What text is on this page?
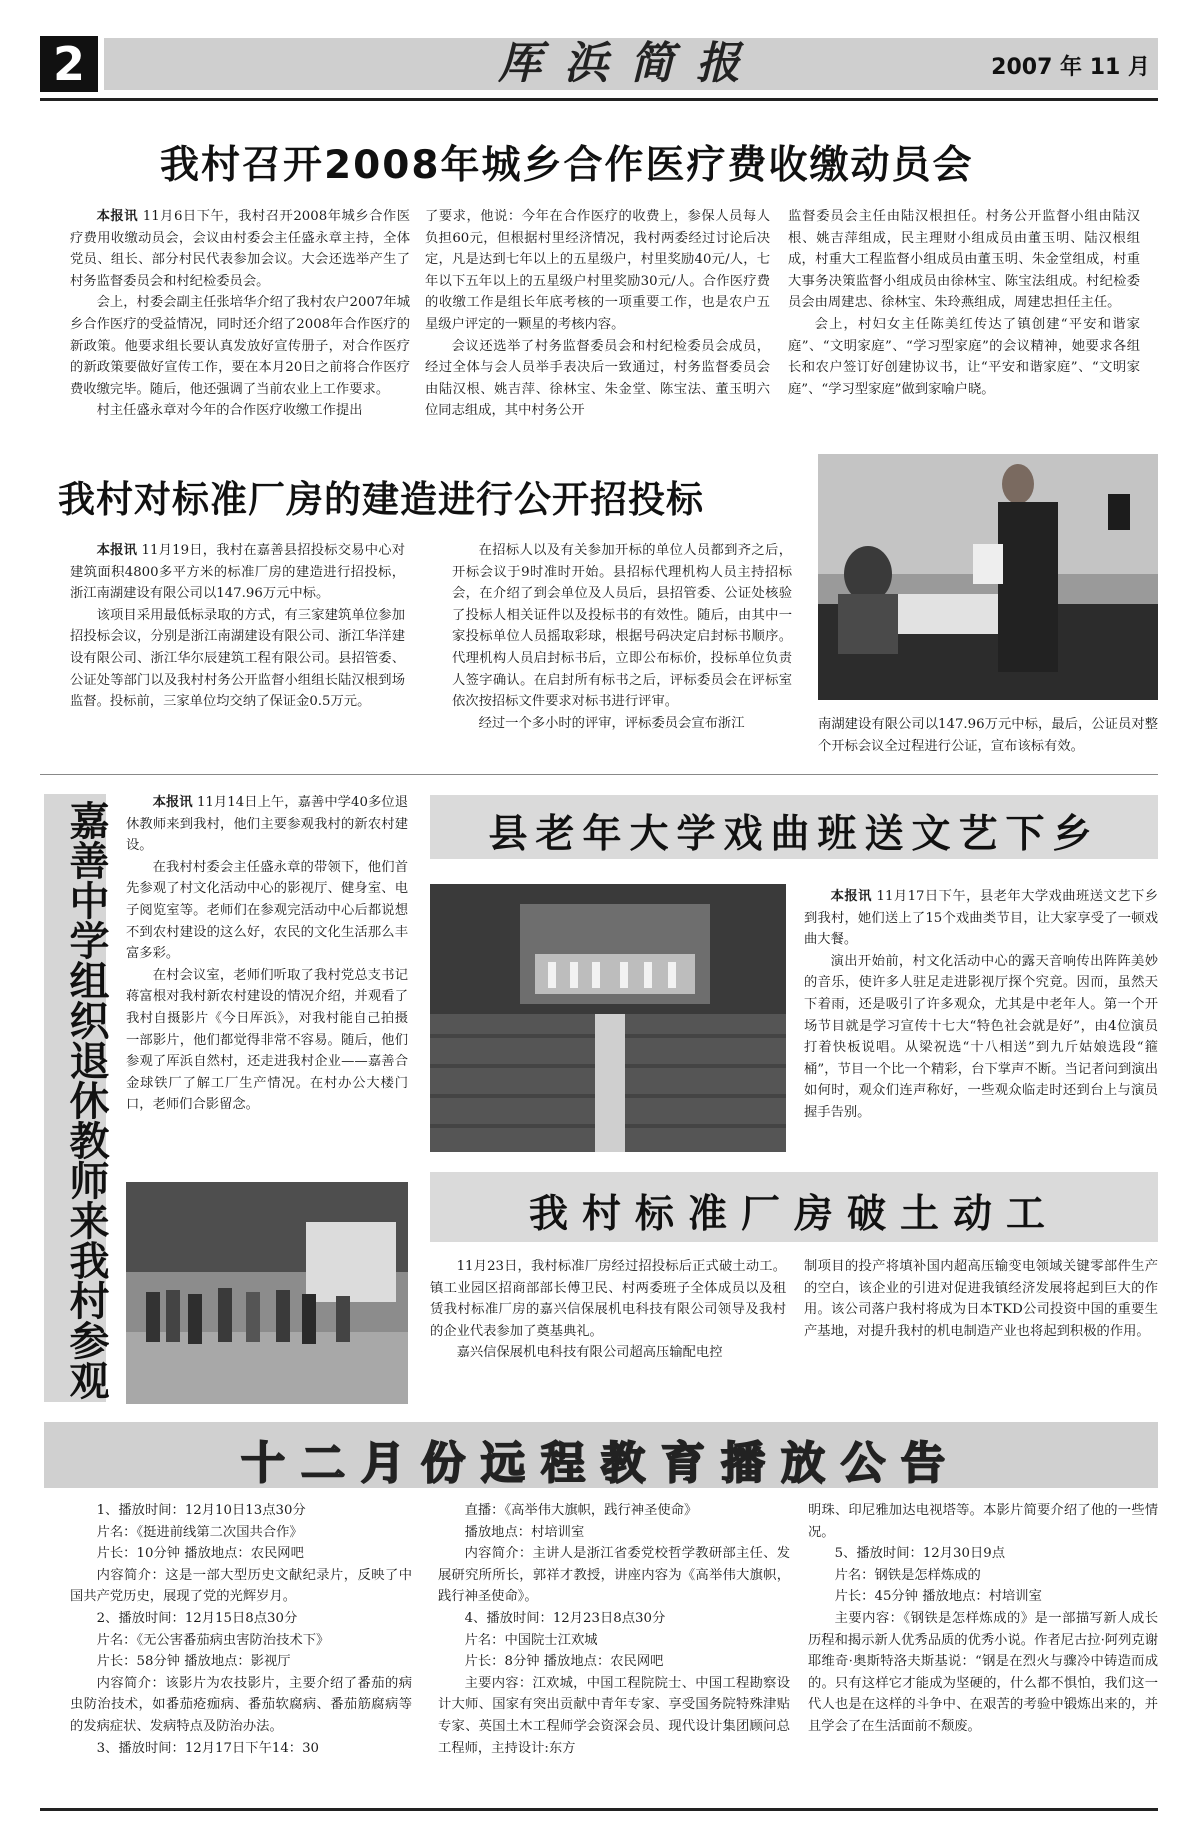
2	厍浜简报	2007 年 11 月
我村召开2008年城乡合作医疗费收缴动员会

本报讯 11月6日下午，我村召开2008年城乡合作医疗费用收缴动员会，会议由村委会主任盛永章主持，全体党员、组长、部分村民代表参加会议。大会还选举产生了村务监督委员会和村纪检委员会。

会上，村委会副主任张培华介绍了我村农户2007年城乡合作医疗的受益情况，同时还介绍了2008年合作医疗的新政策。他要求组长要认真发放好宣传册子，对合作医疗的新政策要做好宣传工作，要在本月20日之前将合作医疗费收缴完毕。随后，他还强调了当前农业上工作要求。

村主任盛永章对今年的合作医疗收缴工作提出

了要求，他说：今年在合作医疗的收费上，参保人员每人负担60元，但根据村里经济情况，我村两委经过讨论后决定，凡是达到七年以上的五星级户，村里奖励40元/人，七年以下五年以上的五星级户村里奖励30元/人。合作医疗费的收缴工作是组长年底考核的一项重要工作，也是农户五星级户评定的一颗星的考核内容。

会议还选举了村务监督委员会和村纪检委员会成员，经过全体与会人员举手表决后一致通过，村务监督委员会由陆汉根、姚吉萍、徐林宝、朱金堂、陈宝法、董玉明六位同志组成，其中村务公开

监督委员会主任由陆汉根担任。村务公开监督小组由陆汉根、姚吉萍组成，民主理财小组成员由董玉明、陆汉根组成，村重大工程监督小组成员由董玉明、朱金堂组成，村重大事务决策监督小组成员由徐林宝、陈宝法组成。村纪检委员会由周建忠、徐林宝、朱玲燕组成，周建忠担任主任。

会上，村妇女主任陈美红传达了镇创建“平安和谐家庭”、“文明家庭”、“学习型家庭”的会议精神，她要求各组长和农户签订好创建协议书，让“平安和谐家庭”、“文明家庭”、“学习型家庭”做到家喻户晓。

我村对标准厂房的建造进行公开招投标

本报讯 11月19日，我村在嘉善县招投标交易中心对建筑面积4800多平方米的标准厂房的建造进行招投标，浙江南湖建设有限公司以147.96万元中标。

该项目采用最低标录取的方式，有三家建筑单位参加招投标会议，分别是浙江南湖建设有限公司、浙江华洋建设有限公司、浙江华尔辰建筑工程有限公司。县招管委、公证处等部门以及我村村务公开监督小组组长陆汉根到场监督。投标前，三家单位均交纳了保证金0.5万元。

在招标人以及有关参加开标的单位人员都到齐之后，开标会议于9时准时开始。县招标代理机构人员主持招标会，在介绍了到会单位及人员后，县招管委、公证处核验了投标人相关证件以及投标书的有效性。随后，由其中一家投标单位人员摇取彩球，根据号码决定启封标书顺序。代理机构人员启封标书后，立即公布标价，投标单位负责人签字确认。在启封所有标书之后，评标委员会在评标室依次按招标文件要求对标书进行评审。

经过一个多小时的评审，评标委员会宣布浙江	南湖建设有限公司以147.96万元中标，最后，公证员对整个开标会议全过程进行公证，宣布该标有效。
嘉善中学组织退休教师来我村参观	本报讯 11月14日上午，嘉善中学40多位退休教师来到我村，他们主要参观我村的新农村建设。

在我村村委会主任盛永章的带领下，他们首先参观了村文化活动中心的影视厅、健身室、电子阅览室等。老师们在参观完活动中心后都说想不到农村建设的这么好，农民的文化生活那么丰富多彩。

在村会议室，老师们听取了我村党总支书记蒋富根对我村新农村建设的情况介绍，并观看了我村自摄影片《今日厍浜》，对我村能自己拍摄一部影片，他们都觉得非常不容易。随后，他们参观了厍浜自然村，还走进我村企业——嘉善合金球铁厂了解工厂生产情况。在村办公大楼门口，老师们合影留念。

县老年大学戏曲班送文艺下乡

本报讯 11月17日下午，县老年大学戏曲班送文艺下乡到我村，她们送上了15个戏曲类节目，让大家享受了一顿戏曲大餐。

演出开始前，村文化活动中心的露天音响传出阵阵美妙的音乐，使许多人驻足走进影视厅探个究竟。因而，虽然天下着雨，还是吸引了许多观众，尤其是中老年人。第一个开场节目就是学习宣传十七大“特色社会就是好”，由4位演员打着快板说唱。从梁祝选“十八相送”到九斤姑娘选段“箍桶”，节目一个比一个精彩，台下掌声不断。当记者问到演出如何时，观众们连声称好，一些观众临走时还到台上与演员握手告别。

我村标准厂房破土动工

11月23日，我村标准厂房经过招投标后正式破土动工。镇工业园区招商部部长傅卫民、村两委班子全体成员以及租赁我村标准厂房的嘉兴信保展机电科技有限公司领导及我村的企业代表参加了奠基典礼。

嘉兴信保展机电科技有限公司超高压输配电控

制项目的投产将填补国内超高压输变电领域关键零部件生产的空白，该企业的引进对促进我镇经济发展将起到巨大的作用。该公司落户我村将成为日本TKD公司投资中国的重要生产基地，对提升我村的机电制造产业也将起到积极的作用。

十二月份远程教育播放公告

1、播放时间：12月10日13点30分

片名：《挺进前线第二次国共合作》

片长：10分钟 播放地点：农民网吧

内容简介：这是一部大型历史文献纪录片，反映了中国共产党历史，展现了党的光辉岁月。

2、播放时间：12月15日8点30分

片名：《无公害番茄病虫害防治技术下》

片长：58分钟 播放地点：影视厅

内容简介：该影片为农技影片，主要介绍了番茄的病虫防治技术，如番茄疮痂病、番茄软腐病、番茄筋腐病等的发病症状、发病特点及防治办法。

3、播放时间：12月17日下午14：30

直播：《高举伟大旗帜，践行神圣使命》

播放地点：村培训室

内容简介：主讲人是浙江省委党校哲学教研部主任、发展研究所所长，郭祥才教授，讲座内容为《高举伟大旗帜，践行神圣使命》。

4、播放时间：12月23日8点30分

片名：中国院士江欢城

片长：8分钟 播放地点：农民网吧

主要内容：江欢城，中国工程院院士、中国工程勘察设计大师、国家有突出贡献中青年专家、享受国务院特殊津贴专家、英国土木工程师学会资深会员、现代设计集团顾问总工程师，主持设计:东方

明珠、印尼雅加达电视塔等。本影片简要介绍了他的一些情况。

5、播放时间：12月30日9点

片名：钢铁是怎样炼成的

片长：45分钟 播放地点：村培训室

主要内容：《钢铁是怎样炼成的》是一部描写新人成长历程和揭示新人优秀品质的优秀小说。作者尼古拉·阿列克谢耶维奇·奥斯特洛夫斯基说：“钢是在烈火与骤冷中铸造而成的。只有这样它才能成为坚硬的，什么都不惧怕，我们这一代人也是在这样的斗争中、在艰苦的考验中锻炼出来的，并且学会了在生活面前不颓废。
